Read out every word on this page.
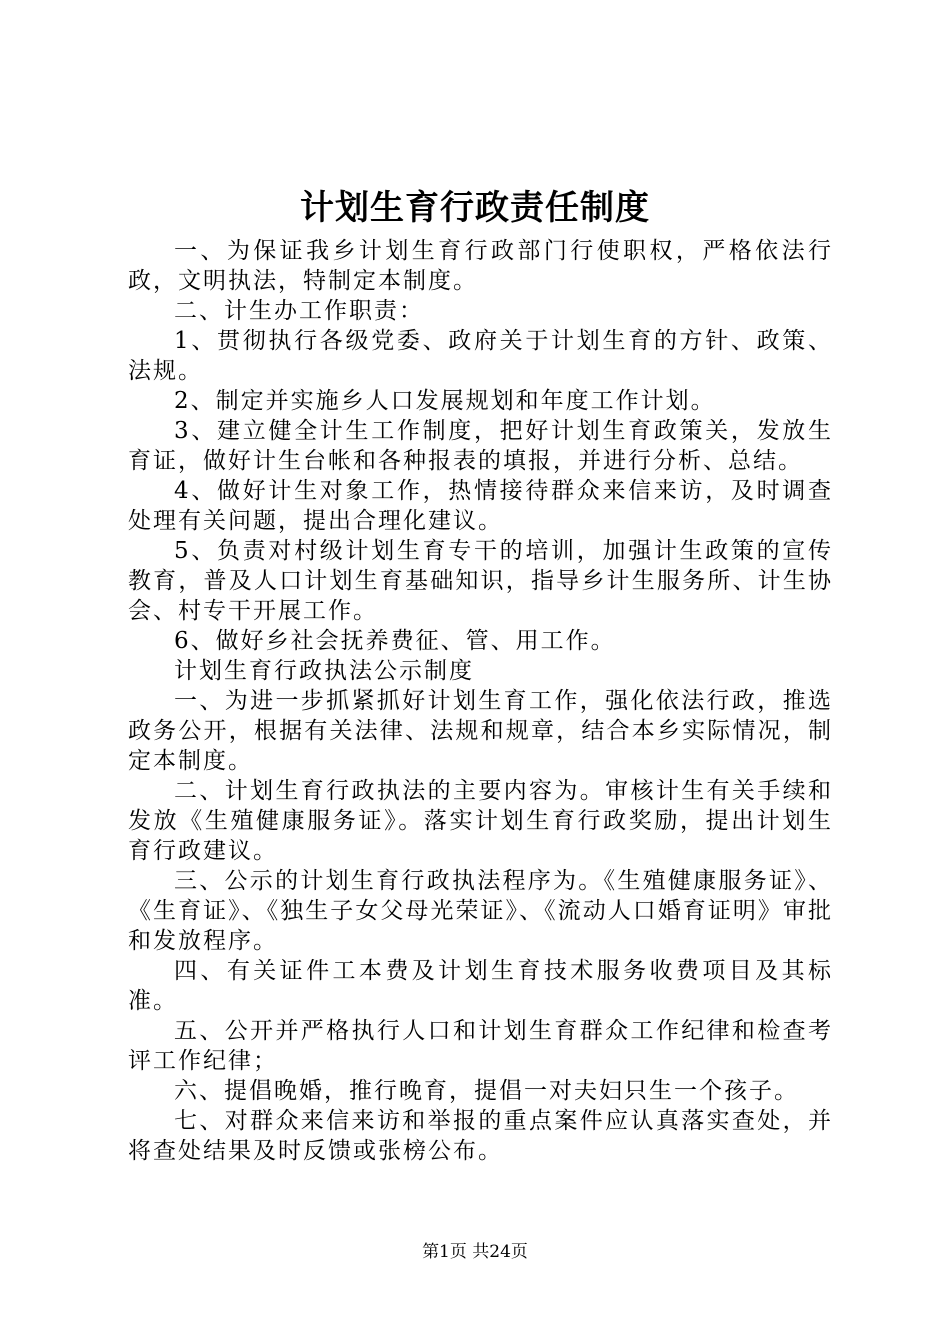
计划生育行政责任制度

一、为保证我乡计划生育行政部门行使职权，严格依法行政，文明执法，特制定本制度。

二、计生办工作职责：

1、贯彻执行各级党委、政府关于计划生育的方针、政策、法规。

2、制定并实施乡人口发展规划和年度工作计划。

3、建立健全计生工作制度，把好计划生育政策关，发放生育证，做好计生台帐和各种报表的填报，并进行分析、总结。

4、做好计生对象工作，热情接待群众来信来访，及时调查处理有关问题，提出合理化建议。

5、负责对村级计划生育专干的培训，加强计生政策的宣传教育，普及人口计划生育基础知识，指导乡计生服务所、计生协会、村专干开展工作。

6、做好乡社会抚养费征、管、用工作。

计划生育行政执法公示制度

一、为进一步抓紧抓好计划生育工作，强化依法行政，推选政务公开，根据有关法律、法规和规章，结合本乡实际情况，制定本制度。

二、计划生育行政执法的主要内容为。审核计生有关手续和发放《生殖健康服务证》。落实计划生育行政奖励，提出计划生育行政建议。

三、公示的计划生育行政执法程序为。《生殖健康服务证》、《生育证》、《独生子女父母光荣证》、《流动人口婚育证明》审批和发放程序。

四、有关证件工本费及计划生育技术服务收费项目及其标准。

五、公开并严格执行人口和计划生育群众工作纪律和检查考评工作纪律；

六、提倡晚婚，推行晚育，提倡一对夫妇只生一个孩子。

七、对群众来信来访和举报的重点案件应认真落实查处，并将查处结果及时反馈或张榜公布。

第1页 共24页
